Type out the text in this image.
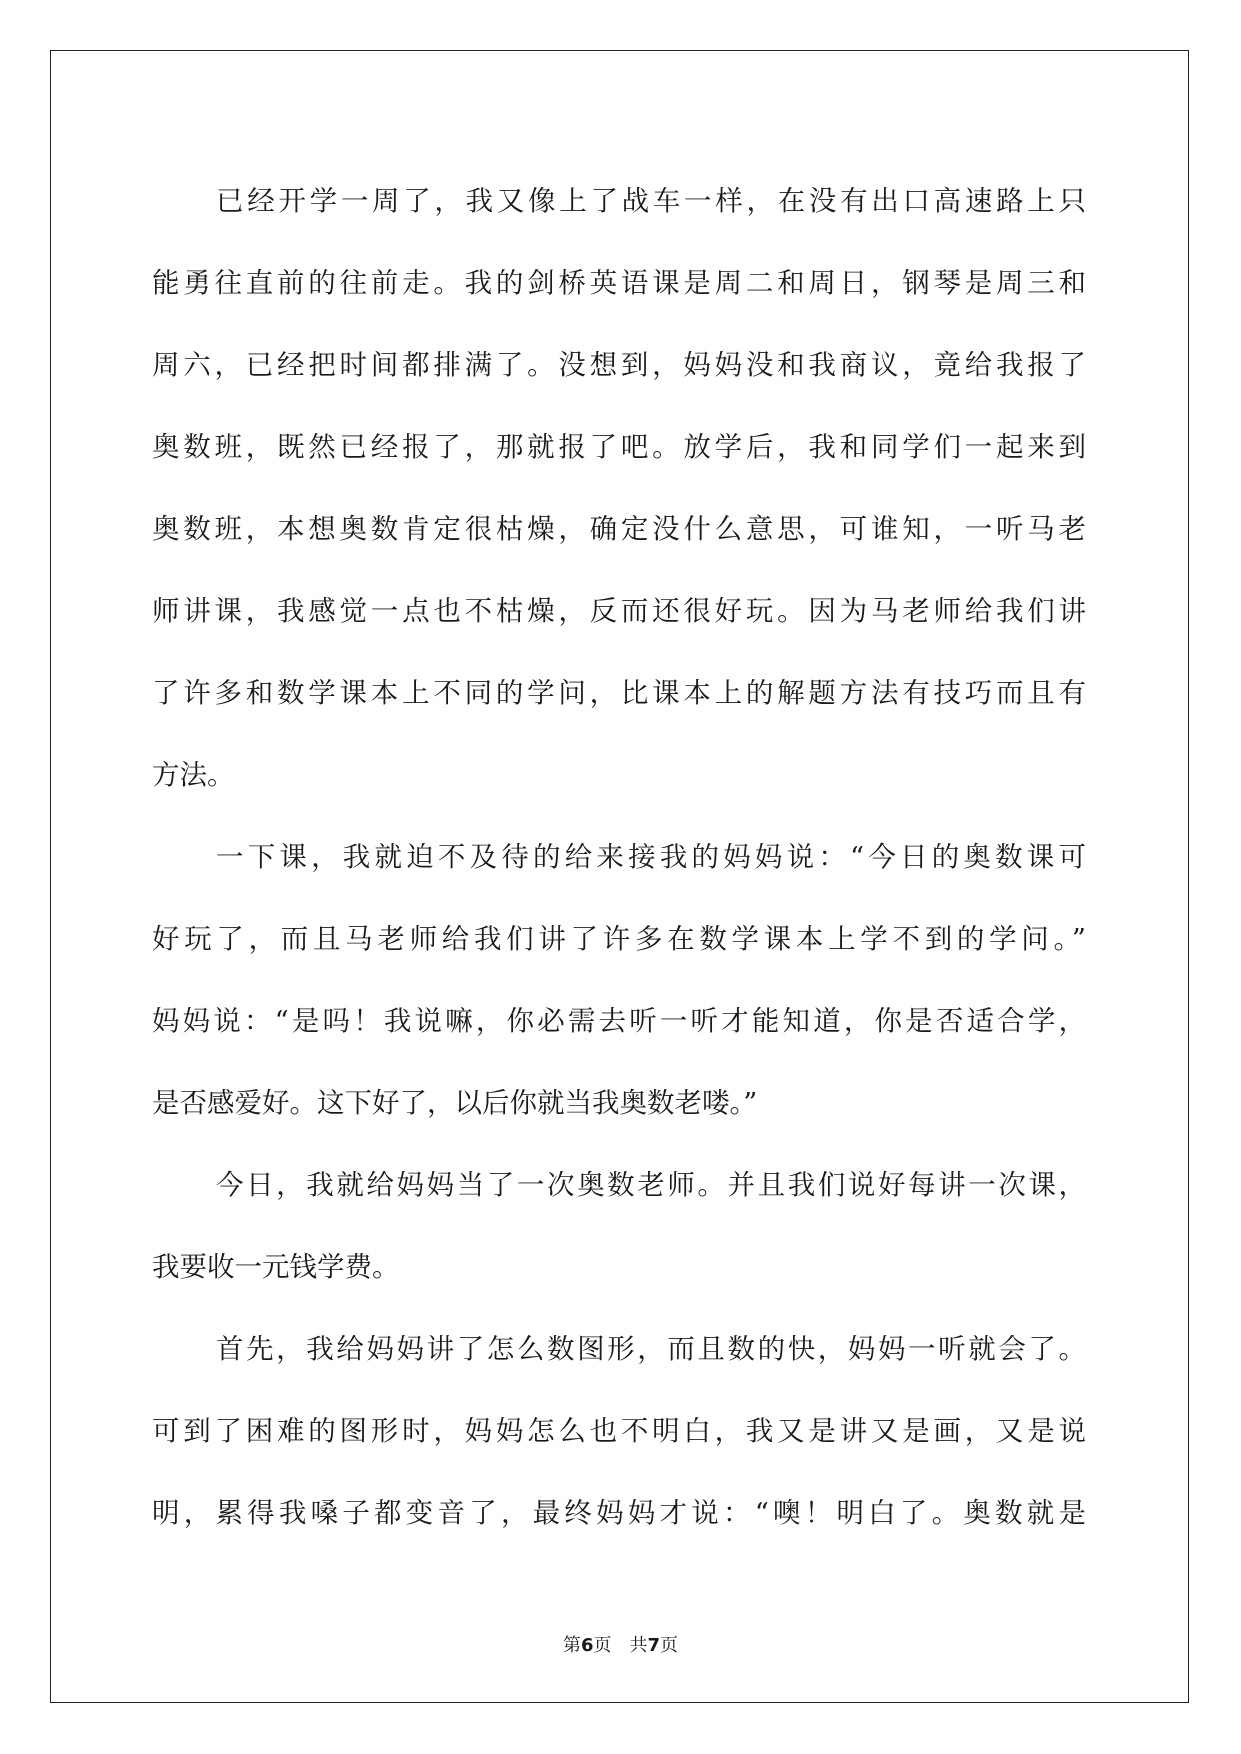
已经开学一周了，我又像上了战车一样，在没有出口高速路上只
能勇往直前的往前走。我的剑桥英语课是周二和周日，钢琴是周三和
周六，已经把时间都排满了。没想到，妈妈没和我商议，竟给我报了
奥数班，既然已经报了，那就报了吧。放学后，我和同学们一起来到
奥数班，本想奥数肯定很枯燥，确定没什么意思，可谁知，一听马老
师讲课，我感觉一点也不枯燥，反而还很好玩。因为马老师给我们讲
了许多和数学课本上不同的学问，比课本上的解题方法有技巧而且有
方法。
一下课，我就迫不及待的给来接我的妈妈说：“今日的奥数课可
好玩了，而且马老师给我们讲了许多在数学课本上学不到的学问。”
妈妈说：“是吗！我说嘛，你必需去听一听才能知道，你是否适合学，
是否感爱好。这下好了，以后你就当我奥数老喽。”
今日，我就给妈妈当了一次奥数老师。并且我们说好每讲一次课，
我要收一元钱学费。
首先，我给妈妈讲了怎么数图形，而且数的快，妈妈一听就会了。
可到了困难的图形时，妈妈怎么也不明白，我又是讲又是画，又是说
明，累得我嗓子都变音了，最终妈妈才说：“噢！明白了。奥数就是
第6页　共7页
